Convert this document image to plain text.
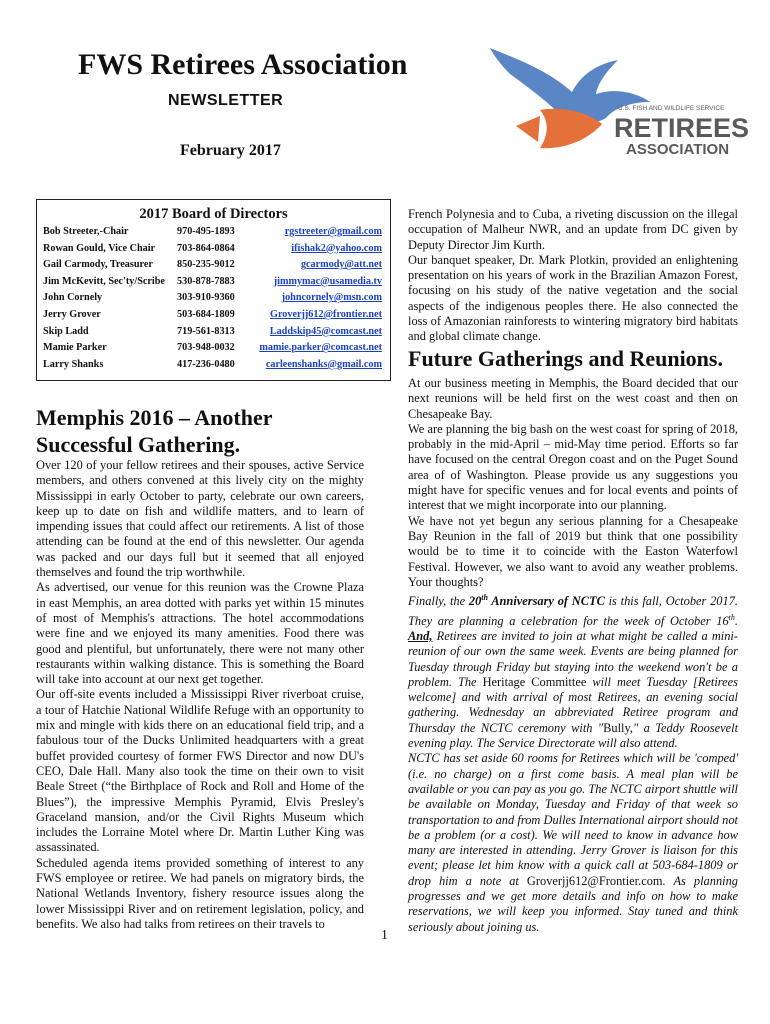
FWS Retirees Association
NEWSLETTER
February 2017
U.S. FISH AND WILDLIFE SERVICE
RETIREES
ASSOCIATION
2017 Board of Directors
Bob Streeter,-Chair	970-495-1893	rgstreeter@gmail.com
Rowan Gould, Vice Chair 703-864-0864	ifishak2@yahoo.com
Gail Carmody, Treasurer 850-235-9012	gcarmody@att.net
Jim McKevitt, Sec'ty/Scribe 530-878-7883	jimmymac@usamedia.tv
John Cornely	303-910-9360	johncornely@msn.com
Jerry Grover	503-684-1809	Groverjj612@frontier.net
Skip Ladd	719-561-8313	Laddskip45@comcast.net
Mamie Parker	703-948-0032 mamie.parker@comcast.net
Larry Shanks	417-236-0480	carleenshanks@gmail.com
Memphis 2016 – Another Successful Gathering.

Over 120 of your fellow retirees and their spouses, active Service members, and others convened at this lively city on the mighty Mississippi in early October to party, celebrate our own careers, keep up to date on fish and wildlife matters, and to learn of impending issues that could affect our retirements. A list of those attending can be found at the end of this newsletter. Our agenda was packed and our days full but it seemed that all enjoyed themselves and found the trip worthwhile.

As advertised, our venue for this reunion was the Crowne Plaza in east Memphis, an area dotted with parks yet within 15 minutes of most of Memphis's attractions. The hotel accommodations were fine and we enjoyed its many amenities. Food there was good and plentiful, but unfortunately, there were not many other restaurants within walking distance. This is something the Board will take into account at our next get together.

Our off-site events included a Mississippi River riverboat cruise, a tour of Hatchie National Wildlife Refuge with an opportunity to mix and mingle with kids there on an educational field trip, and a fabulous tour of the Ducks Unlimited headquarters with a great buffet provided courtesy of former FWS Director and now DU's CEO, Dale Hall. Many also took the time on their own to visit Beale Street (“the Birthplace of Rock and Roll and Home of the Blues”), the impressive Memphis Pyramid, Elvis Presley's Graceland mansion, and/or the Civil Rights Museum which includes the Lorraine Motel where Dr. Martin Luther King was assassinated.

Scheduled agenda items provided something of interest to any FWS employee or retiree. We had panels on migratory birds, the National Wetlands Inventory, fishery resource issues along the lower Mississippi River and on retirement legislation, policy, and benefits. We also had talks from retirees on their travels to

French Polynesia and to Cuba, a riveting discussion on the illegal occupation of Malheur NWR, and an update from DC given by Deputy Director Jim Kurth.

Our banquet speaker, Dr. Mark Plotkin, provided an enlightening presentation on his years of work in the Brazilian Amazon Forest, focusing on his study of the native vegetation and the social aspects of the indigenous peoples there. He also connected the loss of Amazonian rainforests to wintering migratory bird habitats and global climate change.

Future Gatherings and Reunions.

At our business meeting in Memphis, the Board decided that our next reunions will be held first on the west coast and then on Chesapeake Bay.

We are planning the big bash on the west coast for spring of 2018, probably in the mid-April – mid-May time period. Efforts so far have focused on the central Oregon coast and on the Puget Sound area of of Washington. Please provide us any suggestions you might have for specific venues and for local events and points of interest that we might incorporate into our planning.

We have not yet begun any serious planning for a Chesapeake Bay Reunion in the fall of 2019 but think that one possibility would be to time it to coincide with the Easton Waterfowl Festival. However, we also want to avoid any weather problems. Your thoughts?

Finally, the 20th Anniversary of NCTC is this fall, October 2017. They are planning a celebration for the week of October 16th. And, Retirees are invited to join at what might be called a mini-reunion of our own the same week. Events are being planned for Tuesday through Friday but staying into the weekend won't be a problem. The Heritage Committee will meet Tuesday [Retirees welcome] and with arrival of most Retirees, an evening social gathering. Wednesday an abbreviated Retiree program and Thursday the NCTC ceremony with "Bully," a Teddy Roosevelt evening play. The Service Directorate will also attend.

NCTC has set aside 60 rooms for Retirees which will be 'comped' (i.e. no charge) on a first come basis. A meal plan will be available or you can pay as you go. The NCTC airport shuttle will be available on Monday, Tuesday and Friday of that week so transportation to and from Dulles International airport should not be a problem (or a cost). We will need to know in advance how many are interested in attending. Jerry Grover is liaison for this event; please let him know with a quick call at 503-684-1809 or drop him a note at Groverjj612@Frontier.com. As planning progresses and we get more details and info on how to make reservations, we will keep you informed. Stay tuned and think seriously about joining us.

1
